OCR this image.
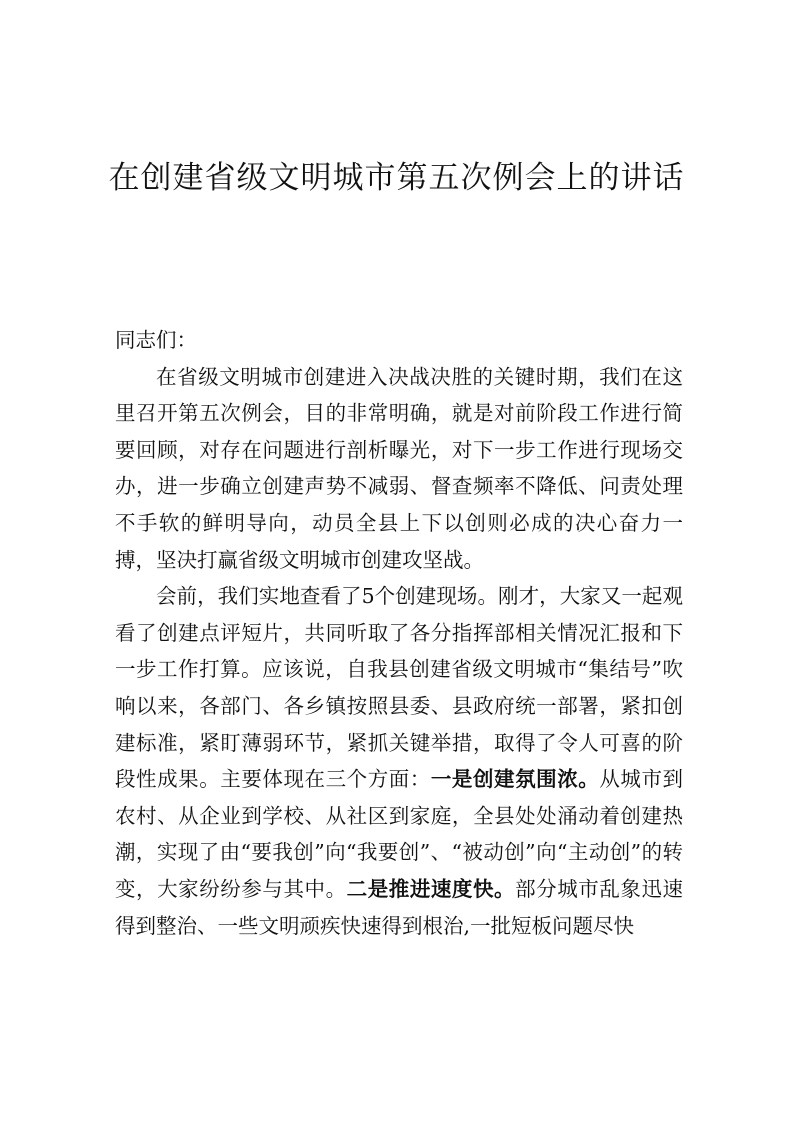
在创建省级文明城市第五次例会上的讲话

同志们：

在省级文明城市创建进入决战决胜的关键时期，我们在这里召开第五次例会，目的非常明确，就是对前阶段工作进行简要回顾，对存在问题进行剖析曝光，对下一步工作进行现场交办，进一步确立创建声势不减弱、督查频率不降低、问责处理不手软的鲜明导向，动员全县上下以创则必成的决心奋力一搏，坚决打赢省级文明城市创建攻坚战。

会前，我们实地查看了5个创建现场。刚才，大家又一起观看了创建点评短片，共同听取了各分指挥部相关情况汇报和下一步工作打算。应该说，自我县创建省级文明城市“集结号”吹响以来，各部门、各乡镇按照县委、县政府统一部署，紧扣创建标准，紧盯薄弱环节，紧抓关键举措，取得了令人可喜的阶段性成果。主要体现在三个方面：一是创建氛围浓。从城市到农村、从企业到学校、从社区到家庭，全县处处涌动着创建热潮，实现了由“要我创”向“我要创”、“被动创”向“主动创”的转变，大家纷纷参与其中。二是推进速度快。部分城市乱象迅速得到整治、一些文明顽疾快速得到根治,一批短板问题尽快
